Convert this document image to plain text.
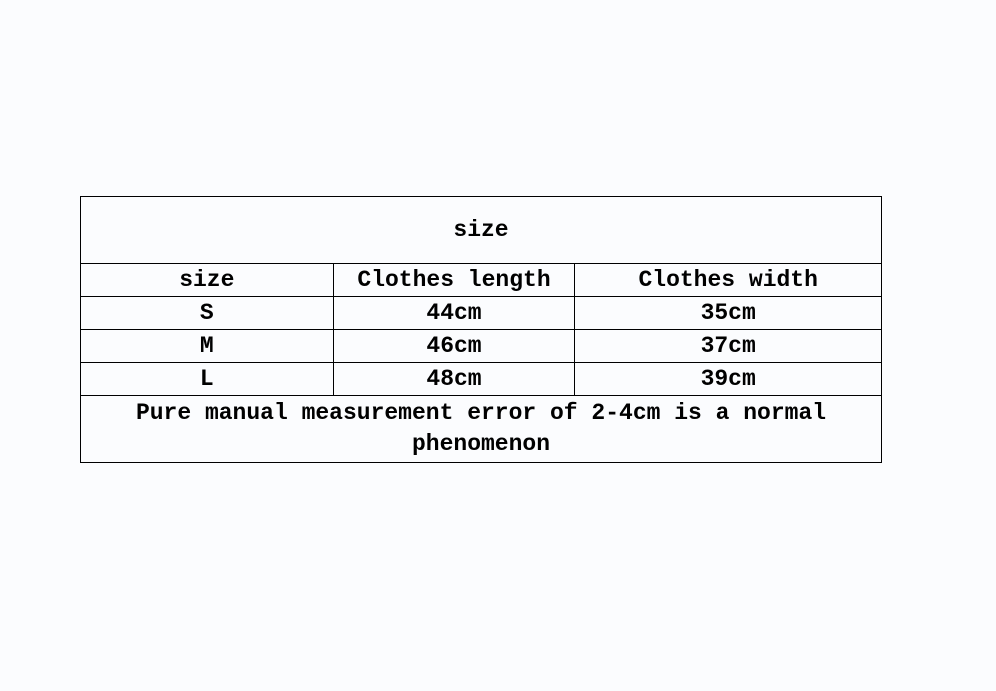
size		
size	Clothes length	Clothes width
S	44cm	35cm
M	46cm	37cm
L	48cm	39cm
Pure manual measurement error of 2-4cm is a normal phenomenon		
